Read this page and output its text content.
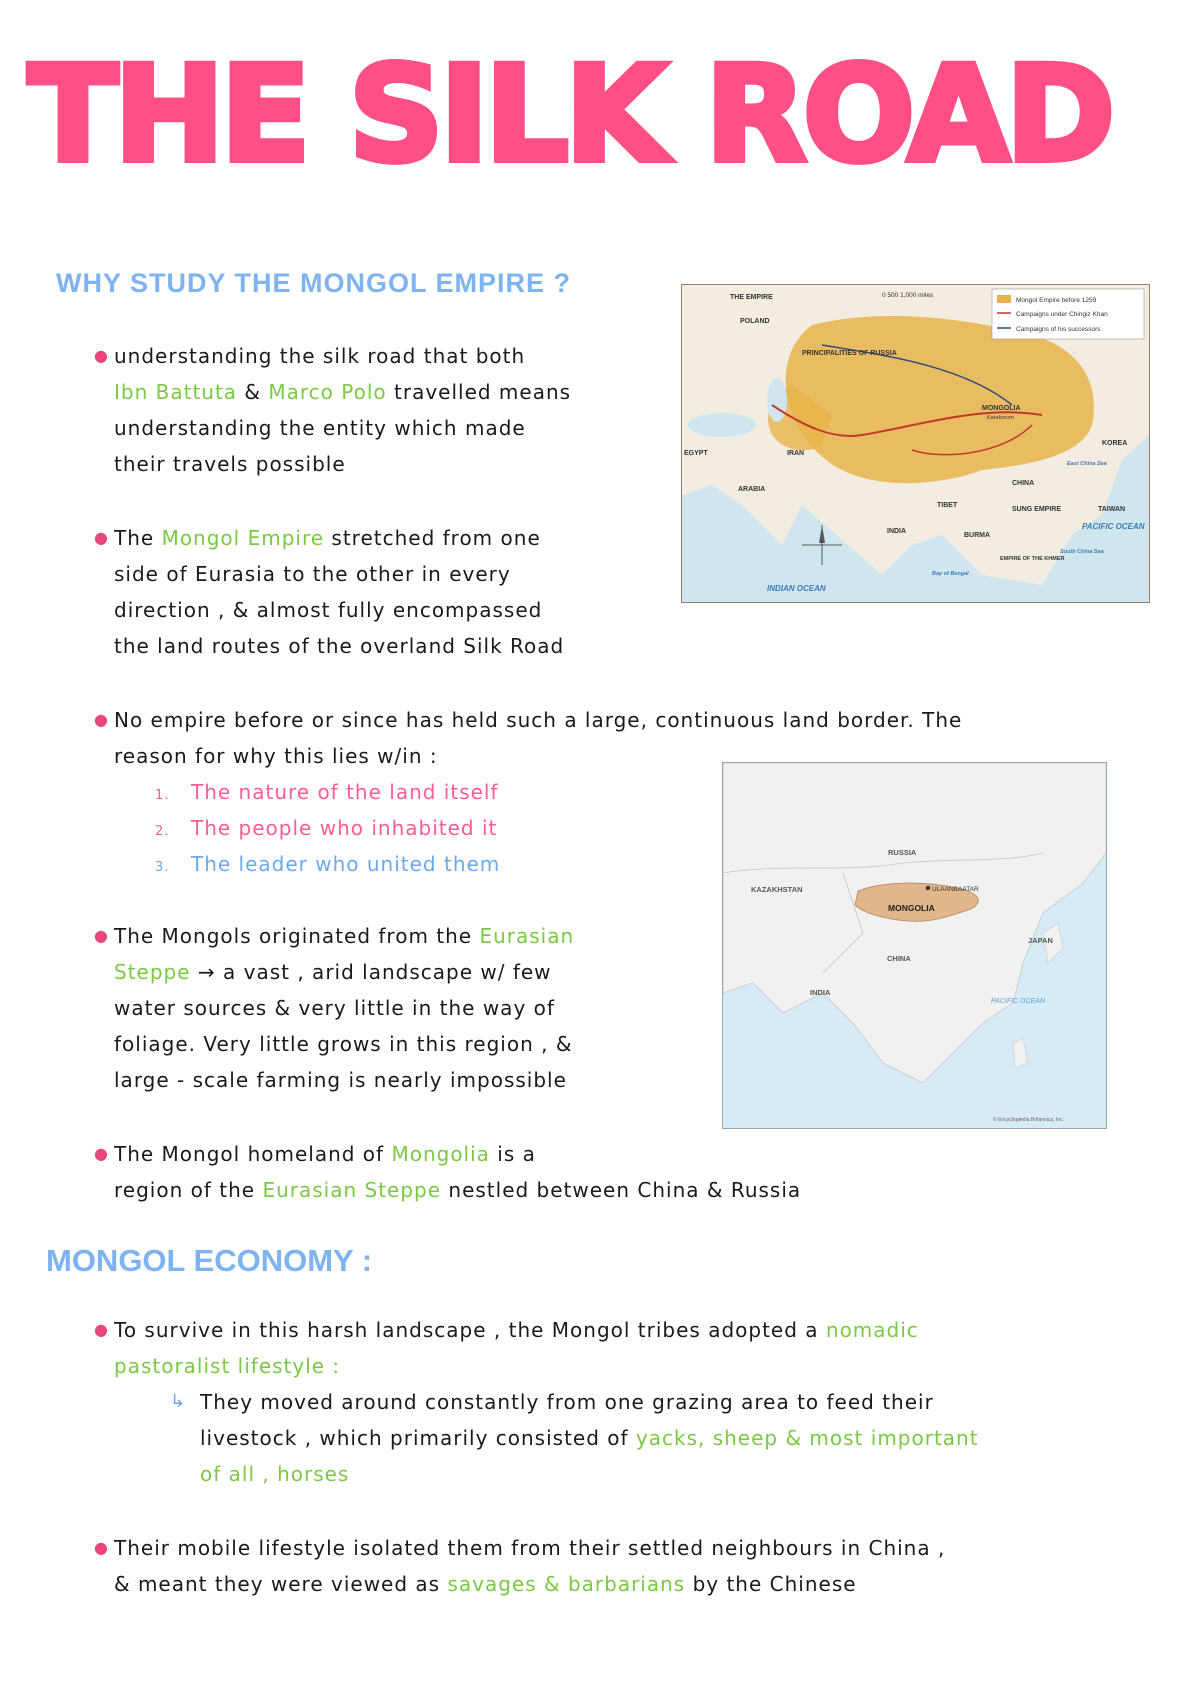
THE SILK ROAD
WHY STUDY THE MONGOL EMPIRE ?
● understanding the silk road that both
Ibn Battuta & Marco Polo travelled means
understanding the entity which made
their travels possible
● The Mongol Empire stretched from one
side of Eurasia to the other in every
direction , & almost fully encompassed
the land routes of the overland Silk Road
● No empire before or since has held such a large, continuous land border. The
reason for why this lies w/in :
1. The nature of the land itself
2. The people who inhabited it
3. The leader who united them
● The Mongols originated from the Eurasian
Steppe → a vast , arid landscape w/ few
water sources & very little in the way of
foliage. Very little grows in this region , &
large - scale farming is nearly impossible
● The Mongol homeland of Mongolia is a
region of the Eurasian Steppe nestled between China & Russia
MONGOL ECONOMY :
● To survive in this harsh landscape , the Mongol tribes adopted a nomadic
pastoralist lifestyle :
↳ They moved around constantly from one grazing area to feed their
livestock , which primarily consisted of yacks, sheep & most important
of all , horses
● Their mobile lifestyle isolated them from their settled neighbours in China ,
& meant they were viewed as savages & barbarians by the Chinese
Mongol Empire before 1259
Campaigns under Chingiz Khan
Campaigns of his successors
0 500 1,000 miles
THE EMPIRE
POLAND
PRINCIPALITIES OF RUSSIA
MONGOLIA
Karakorum
CHINA
KOREA
IRAN
EGYPT
ARABIA
INDIA
TIBET
SUNG EMPIRE	TAIWAN
BURMA
EMPIRE OF THE KHMER
INDIAN OCEAN
PACIFIC OCEAN
Bay of Bengal
South China Sea
East China Sea
RUSSIA
KAZAKHSTAN
MONGOLIA
ULAANBAATAR
CHINA
JAPAN
INDIA
PACIFIC OCEAN
© Encyclopædia Britannica, Inc.
